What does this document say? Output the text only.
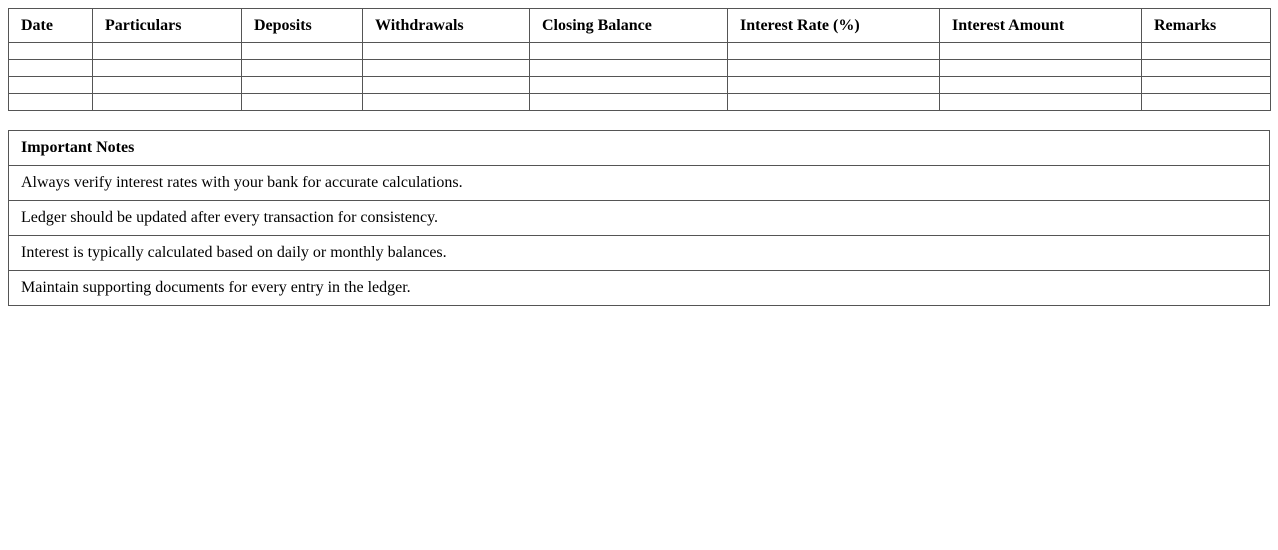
Date	Particulars	Deposits	Withdrawals	Closing Balance	Interest Rate (%)	Interest Amount	Remarks

Important Notes
Always verify interest rates with your bank for accurate calculations.
Ledger should be updated after every transaction for consistency.
Interest is typically calculated based on daily or monthly balances.
Maintain supporting documents for every entry in the ledger.
